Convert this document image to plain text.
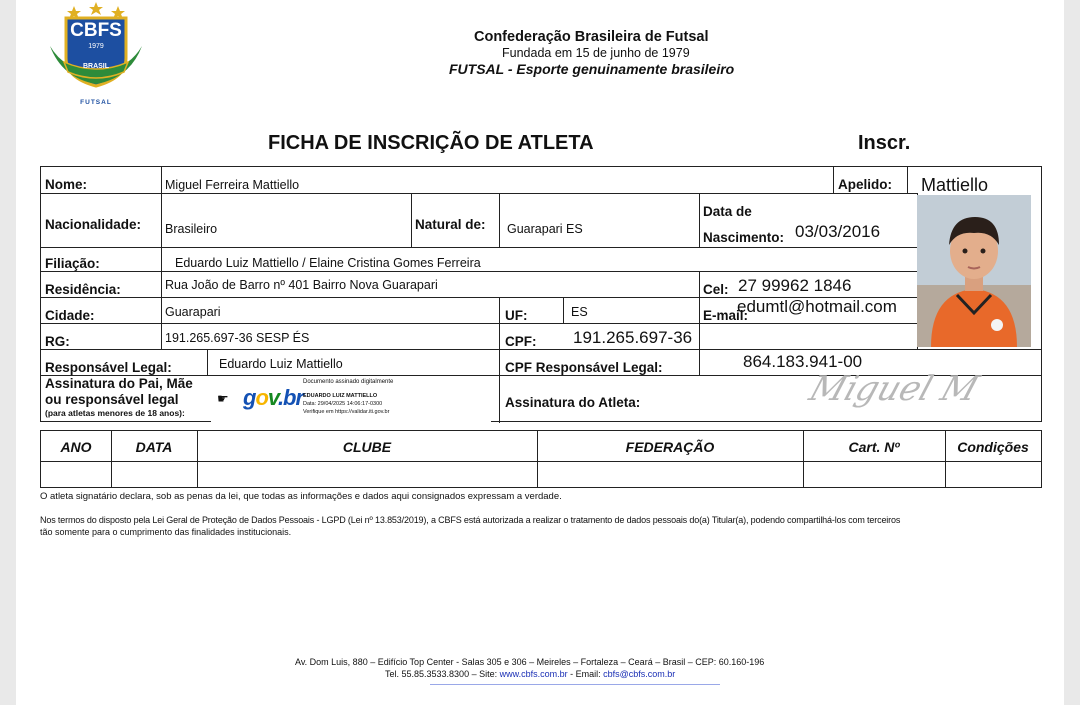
CBFS
1979
BRASIL
FUTSAL
Confederação Brasileira de Futsal
Fundada em 15 de junho de 1979
FUTSAL - Esporte genuinamente brasileiro
FICHA DE INSCRIÇÃO DE ATLETA	Inscr.
Nome:	Miguel Ferreira Mattiello	Apelido: Mattiello
Nacionalidade: Brasileiro	Natural de: Guarapari ES
Data de
Nascimento: 03/03/2016
Filiação:	Eduardo Luiz Mattiello / Elaine Cristina Gomes Ferreira
Residência:	Rua João de Barro nº 401 Bairro Nova Guarapari	Cel: 27 99962 1846
Cidade:	Guarapari	UF:	ES	E-mail:
edumtl@hotmail.com
RG:	191.265.697-36 SESP ÉS	CPF: 191.265.697-36
Responsável Legal:	Eduardo Luiz Mattiello	CPF Responsável Legal:	864.183.941-00
Assinatura do Pai, Mãe
ou responsável legal
(para atletas menores de 18 anos):
Assinatura do Atleta:
☛ gov.br
Documento assinado digitalmente
EDUARDO LUIZ MATTIELLO
Data: 29/04/2025 14:06:17-0300
Verifique em https://validar.iti.gov.br
Miguel M
ANO	DATA	CLUBE	FEDERAÇÃO	Cart. Nº	Condições
O atleta signatário declara, sob as penas da lei, que todas as informações e dados aqui consignados expressam a verdade.
Nos termos do disposto pela Lei Geral de Proteção de Dados Pessoais - LGPD (Lei nº 13.853/2019), a CBFS está autorizada a realizar o tratamento de dados pessoais do(a) Titular(a), podendo compartilhá-los com terceiros
tão somente para o cumprimento das finalidades institucionais.
Av. Dom Luis, 880 – Edifício Top Center - Salas 305 e 306 – Meireles – Fortaleza – Ceará – Brasil – CEP: 60.160-196
Tel. 55.85.3533.8300 – Site: www.cbfs.com.br - Email: cbfs@cbfs.com.br
